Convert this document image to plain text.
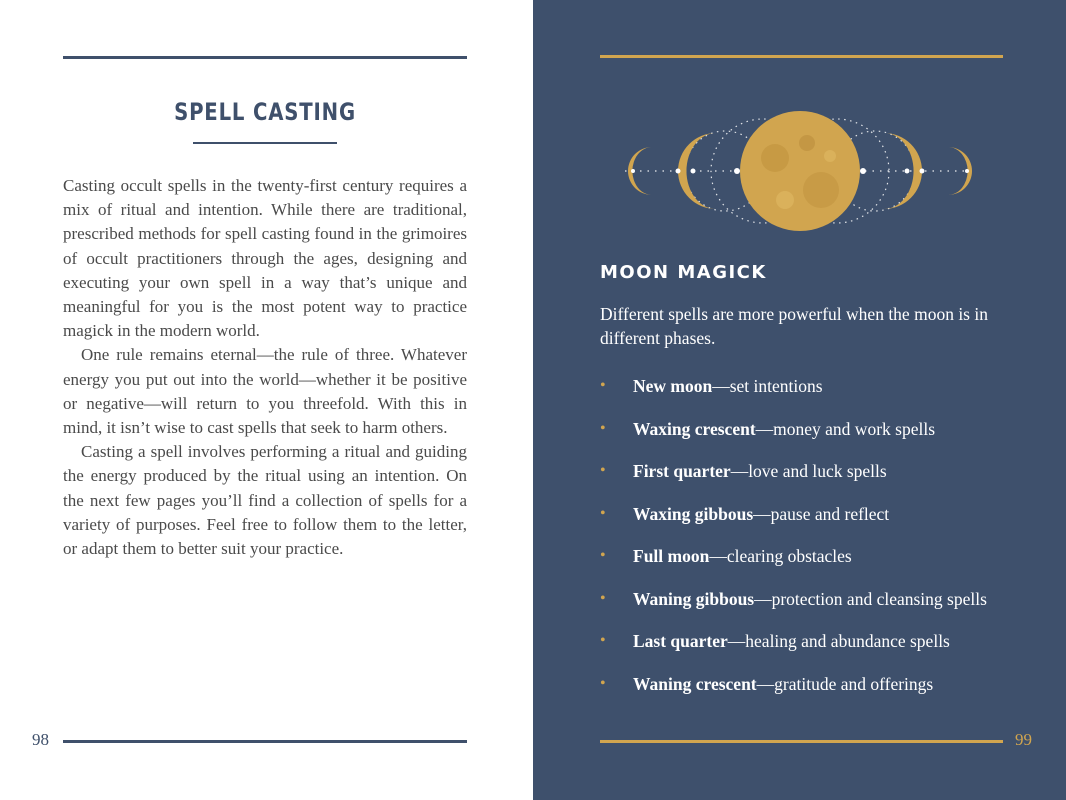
SPELL CASTING

Casting occult spells in the twenty-first century requires a mix of ritual and intention. While there are traditional, prescribed methods for spell casting found in the grimoires of occult practitioners through the ages, designing and executing your own spell in a way that’s unique and meaningful for you is the most potent way to practice magick in the modern world.

One rule remains eternal—the rule of three. Whatever energy you put out into the world—whether it be positive or negative—will return to you threefold. With this in mind, it isn’t wise to cast spells that seek to harm others.

Casting a spell involves performing a ritual and guiding the energy produced by the ritual using an intention. On the next few pages you’ll find a collection of spells for a variety of purposes. Feel free to follow them to the letter, or adapt them to better suit your practice.

98
MOON MAGICK
Different spells are more powerful when the moon is in different phases.
• New moon—set intentions
• Waxing crescent—money and work spells
• First quarter—love and luck spells
• Waxing gibbous—pause and reflect
• Full moon—clearing obstacles
• Waning gibbous—protection and cleansing spells
• Last quarter—healing and abundance spells
• Waning crescent—gratitude and offerings
99
